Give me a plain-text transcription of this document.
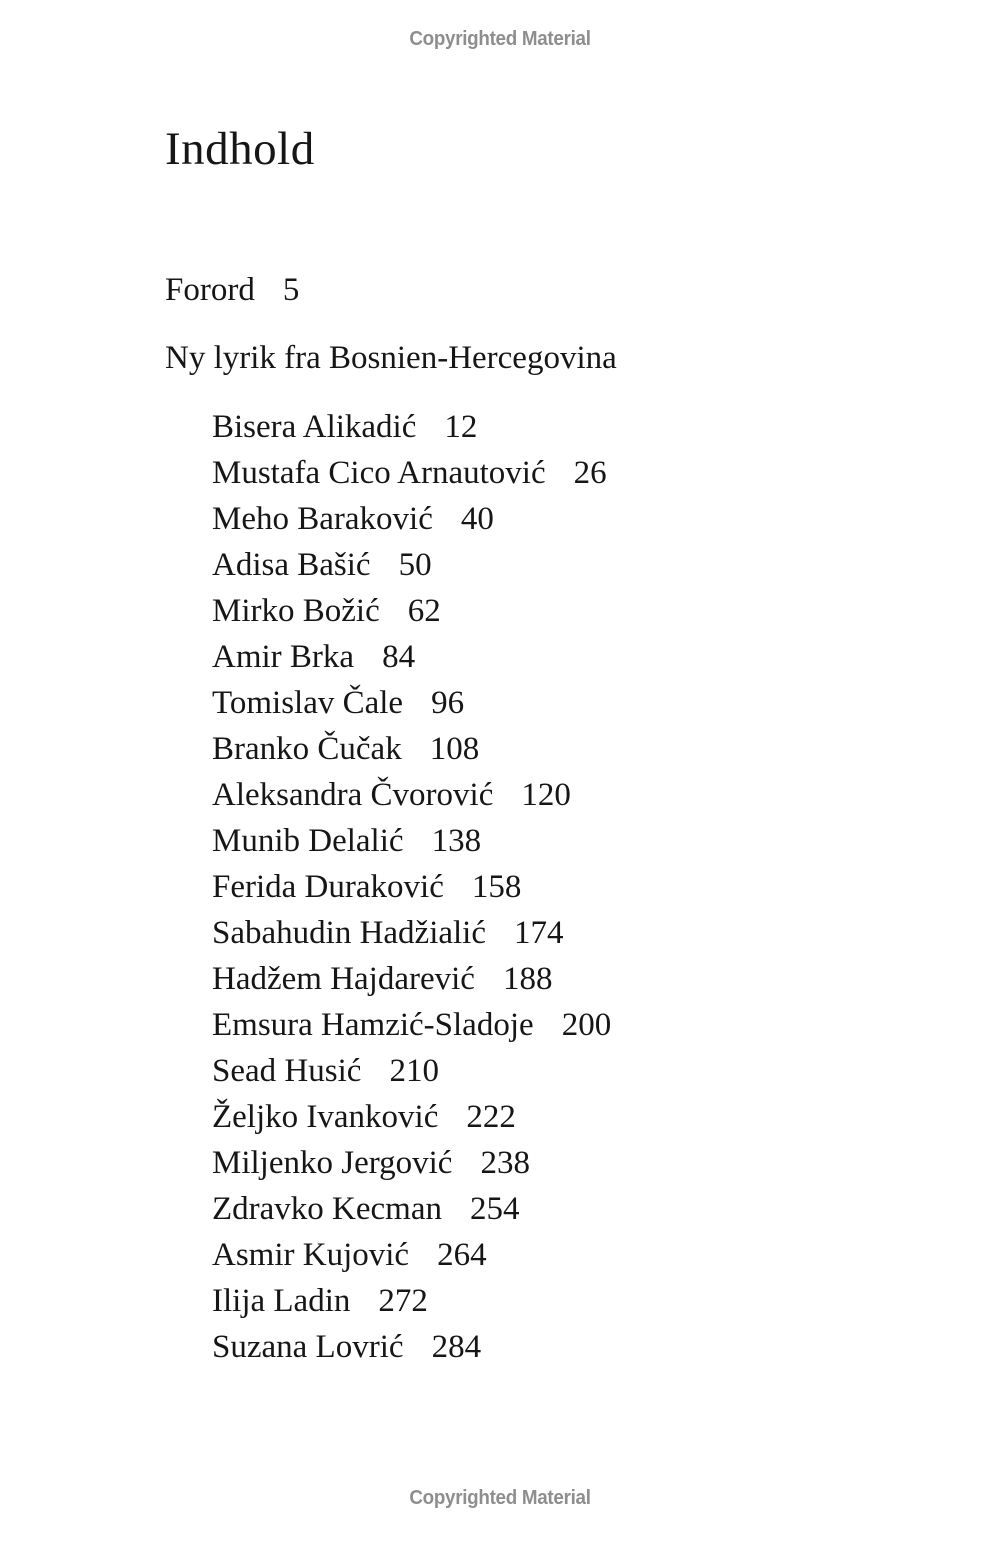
Copyrighted Material
Indhold
Forord 5
Ny lyrik fra Bosnien-Hercegovina
Bisera Alikadić 12
Mustafa Cico Arnautović 26
Meho Baraković 40
Adisa Bašić 50
Mirko Božić 62
Amir Brka 84
Tomislav Čale 96
Branko Čučak 108
Aleksandra Čvorović 120
Munib Delalić 138
Ferida Duraković 158
Sabahudin Hadžialić 174
Hadžem Hajdarević 188
Emsura Hamzić-Sladoje 200
Sead Husić 210
Željko Ivanković 222
Miljenko Jergović 238
Zdravko Kecman 254
Asmir Kujović 264
Ilija Ladin 272
Suzana Lovrić 284
Copyrighted Material
